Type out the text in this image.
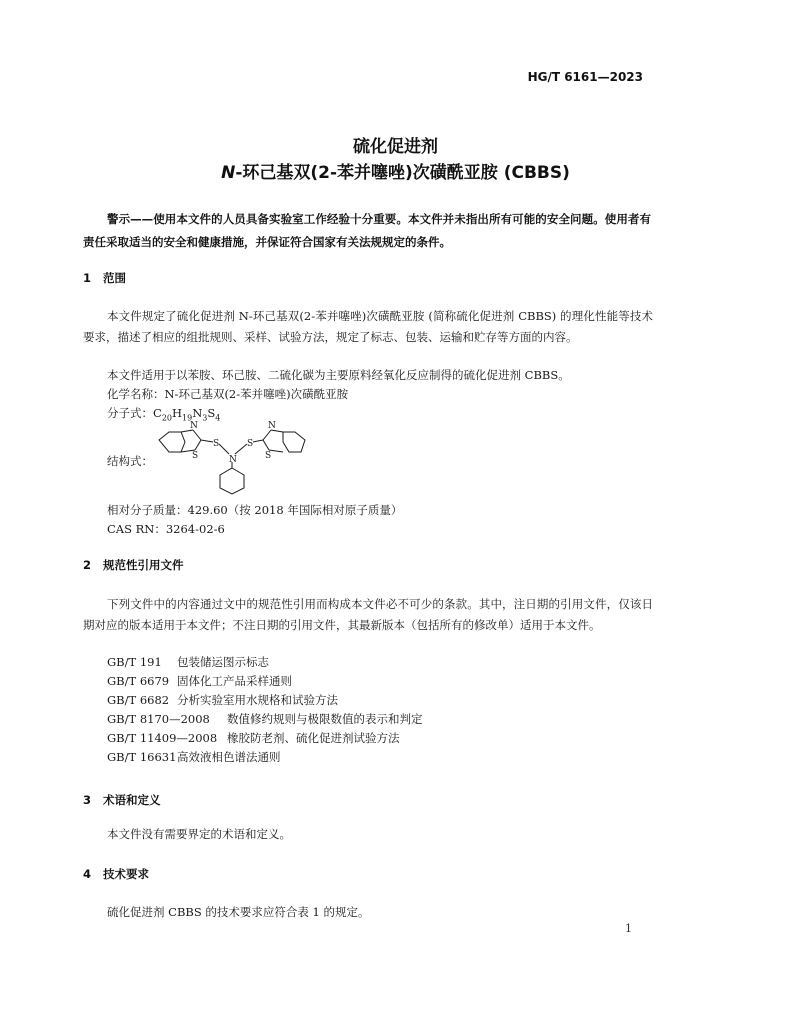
HG/T 6161—2023
硫化促进剂
N-环己基双(2-苯并噻唑)次磺酰亚胺 (CBBS)
警示——使用本文件的人员具备实验室工作经验十分重要。本文件并未指出所有可能的安全问题。使用者有责任采取适当的安全和健康措施，并保证符合国家有关法规规定的条件。
1 范围
本文件规定了硫化促进剂 N-环己基双(2-苯并噻唑)次磺酰亚胺 (简称硫化促进剂 CBBS) 的理化性能等技术要求，描述了相应的组批规则、采样、试验方法，规定了标志、包装、运输和贮存等方面的内容。
本文件适用于以苯胺、环己胺、二硫化碳为主要原料经氧化反应制得的硫化促进剂 CBBS。
化学名称：N-环己基双(2-苯并噻唑)次磺酰亚胺
分子式：$C_{20}H_{19}N_3S_4$
结构式：
N
S
S
N
S
N
S
相对分子质量：429.60（按 2018 年国际相对原子质量）
CAS RN：3264-02-6
2 规范性引用文件
下列文件中的内容通过文中的规范性引用而构成本文件必不可少的条款。其中，注日期的引用文件，仅该日期对应的版本适用于本文件；不注日期的引用文件，其最新版本（包括所有的修改单）适用于本文件。
GB/T 191 包装储运图示标志
GB/T 6679 固体化工产品采样通则
GB/T 6682 分析实验室用水规格和试验方法
GB/T 8170—2008 数值修约规则与极限数值的表示和判定
GB/T 11409—2008 橡胶防老剂、硫化促进剂试验方法
GB/T 16631高效液相色谱法通则
3 术语和定义
本文件没有需要界定的术语和定义。
4 技术要求
硫化促进剂 CBBS 的技术要求应符合表 1 的规定。
1
